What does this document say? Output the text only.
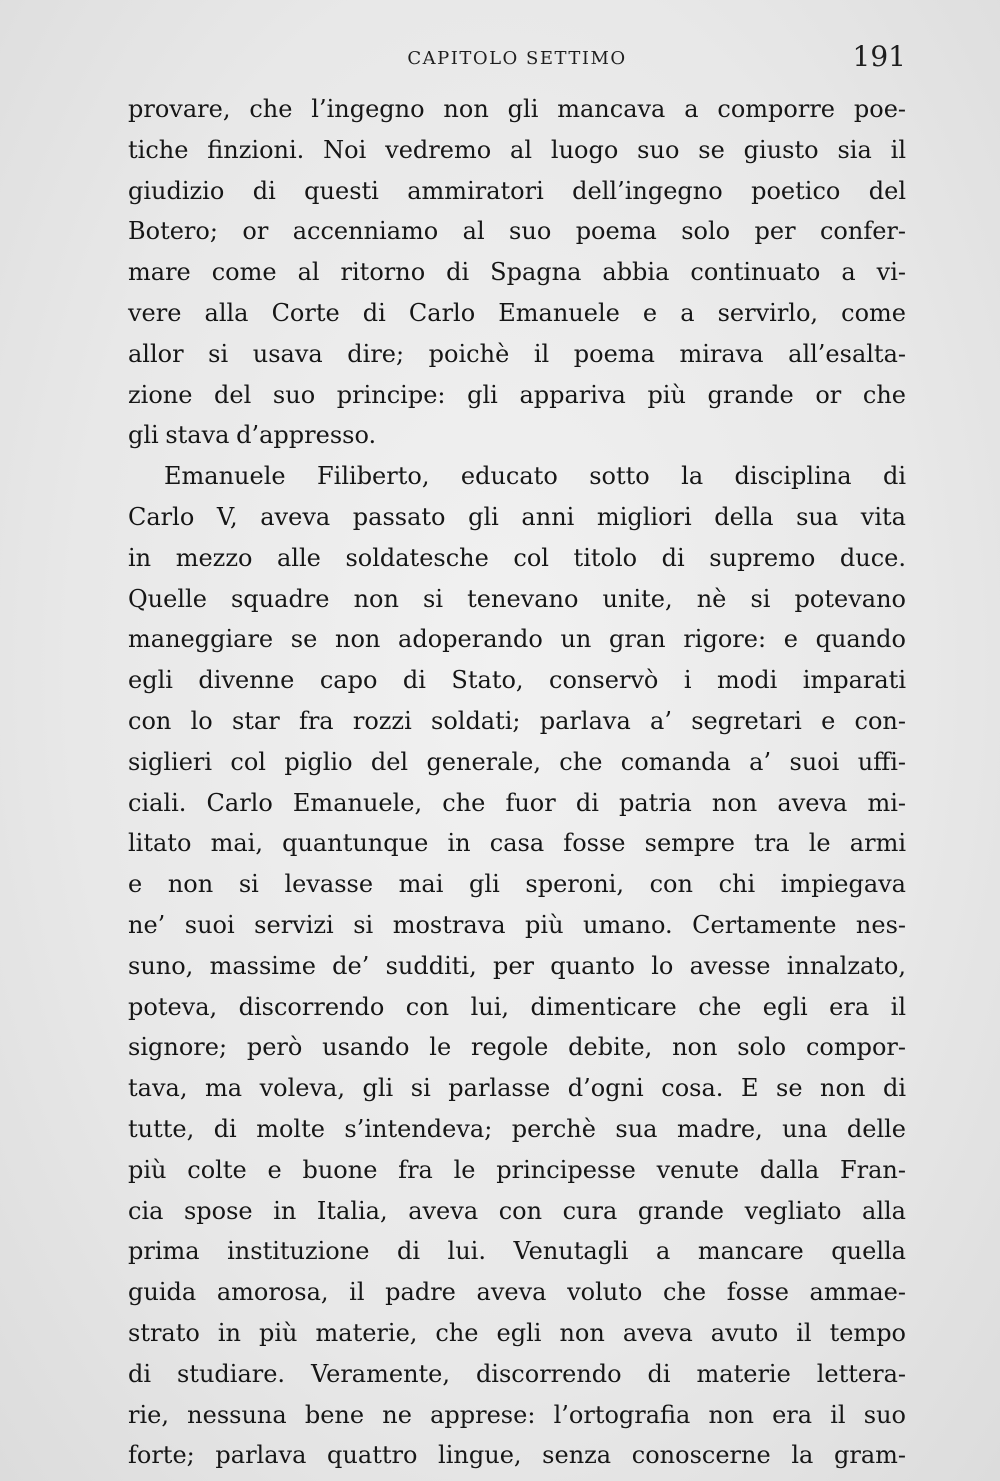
CAPITOLO SETTIMO	191
provare, che l’ingegno non gli mancava a comporre poe-
tiche finzioni. Noi vedremo al luogo suo se giusto sia il
giudizio di questi ammiratori dell’ingegno poetico del
Botero; or accenniamo al suo poema solo per confer-
mare come al ritorno di Spagna abbia continuato a vi-
vere alla Corte di Carlo Emanuele e a servirlo, come
allor si usava dire; poichè il poema mirava all’esalta-
zione del suo principe: gli appariva più grande or che
gli stava d’appresso.
Emanuele Filiberto, educato sotto la disciplina di
Carlo V, aveva passato gli anni migliori della sua vita
in mezzo alle soldatesche col titolo di supremo duce.
Quelle squadre non si tenevano unite, nè si potevano
maneggiare se non adoperando un gran rigore: e quando
egli divenne capo di Stato, conservò i modi imparati
con lo star fra rozzi soldati; parlava a’ segretari e con-
siglieri col piglio del generale, che comanda a’ suoi uffi-
ciali. Carlo Emanuele, che fuor di patria non aveva mi-
litato mai, quantunque in casa fosse sempre tra le armi
e non si levasse mai gli speroni, con chi impiegava
ne’ suoi servizi si mostrava più umano. Certamente nes-
suno, massime de’ sudditi, per quanto lo avesse innalzato,
poteva, discorrendo con lui, dimenticare che egli era il
signore; però usando le regole debite, non solo compor-
tava, ma voleva, gli si parlasse d’ogni cosa. E se non di
tutte, di molte s’intendeva; perchè sua madre, una delle
più colte e buone fra le principesse venute dalla Fran-
cia spose in Italia, aveva con cura grande vegliato alla
prima instituzione di lui. Venutagli a mancare quella
guida amorosa, il padre aveva voluto che fosse ammae-
strato in più materie, che egli non aveva avuto il tempo
di studiare. Veramente, discorrendo di materie lettera-
rie, nessuna bene ne apprese: l’ortografia non era il suo
forte; parlava quattro lingue, senza conoscerne la gram-
